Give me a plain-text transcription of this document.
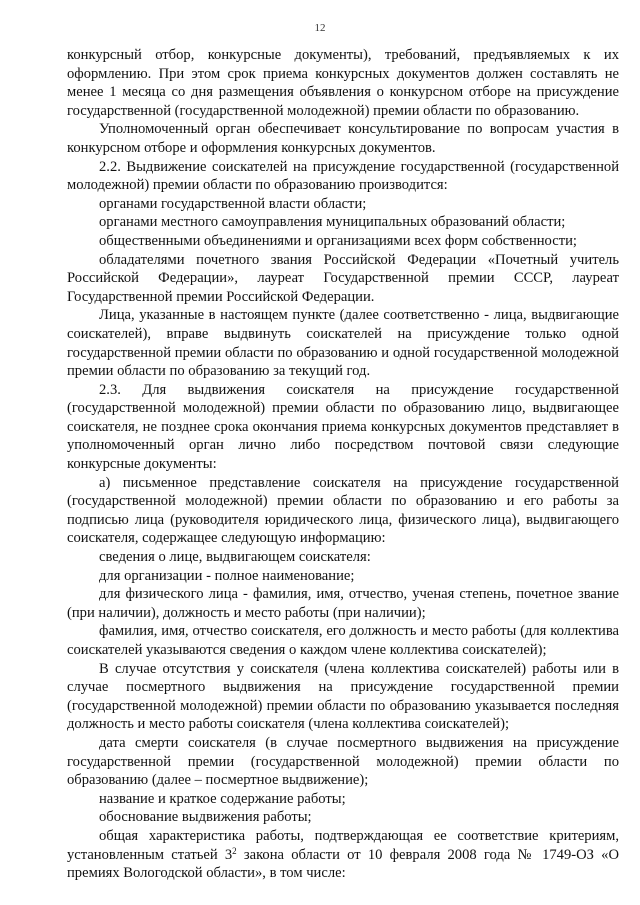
12

конкурсный отбор, конкурсные документы), требований, предъявляемых к их оформлению. При этом срок приема конкурсных документов должен составлять не менее 1 месяца со дня размещения объявления о конкурсном отборе на присуждение государственной (государственной молодежной) премии области по образованию.

Уполномоченный орган обеспечивает консультирование по вопросам участия в конкурсном отборе и оформления конкурсных документов.

2.2. Выдвижение соискателей на присуждение государственной (государственной молодежной) премии области по образованию производится:

органами государственной власти области;

органами местного самоуправления муниципальных образований области;

общественными объединениями и организациями всех форм собственности;

обладателями почетного звания Российской Федерации «Почетный учитель Российской Федерации», лауреат Государственной премии СССР, лауреат Государственной премии Российской Федерации.

Лица, указанные в настоящем пункте (далее соответственно - лица, выдвигающие соискателей), вправе выдвинуть соискателей на присуждение только одной государственной премии области по образованию и одной государственной молодежной премии области по образованию за текущий год.

2.3. Для выдвижения соискателя на присуждение государственной (государственной молодежной) премии области по образованию лицо, выдвигающее соискателя, не позднее срока окончания приема конкурсных документов представляет в уполномоченный орган лично либо посредством почтовой связи следующие конкурсные документы:

а) письменное представление соискателя на присуждение государственной (государственной молодежной) премии области по образованию и его работы за подписью лица (руководителя юридического лица, физического лица), выдвигающего соискателя, содержащее следующую информацию:

сведения о лице, выдвигающем соискателя:

для организации - полное наименование;

для физического лица - фамилия, имя, отчество, ученая степень, почетное звание (при наличии), должность и место работы (при наличии);

фамилия, имя, отчество соискателя, его должность и место работы (для коллектива соискателей указываются сведения о каждом члене коллектива соискателей);

В случае отсутствия у соискателя (члена коллектива соискателей) работы или в случае посмертного выдвижения на присуждение государственной премии (государственной молодежной) премии области по образованию указывается последняя должность и место работы соискателя (члена коллектива соискателей);

дата смерти соискателя (в случае посмертного выдвижения на присуждение государственной премии (государственной молодежной) премии области по образованию (далее – посмертное выдвижение);

название и краткое содержание работы;

обоснование выдвижения работы;

общая характеристика работы, подтверждающая ее соответствие критериям, установленным статьей $3^2$ закона области от 10 февраля 2008 года № 1749-ОЗ «О премиях Вологодской области», в том числе:
